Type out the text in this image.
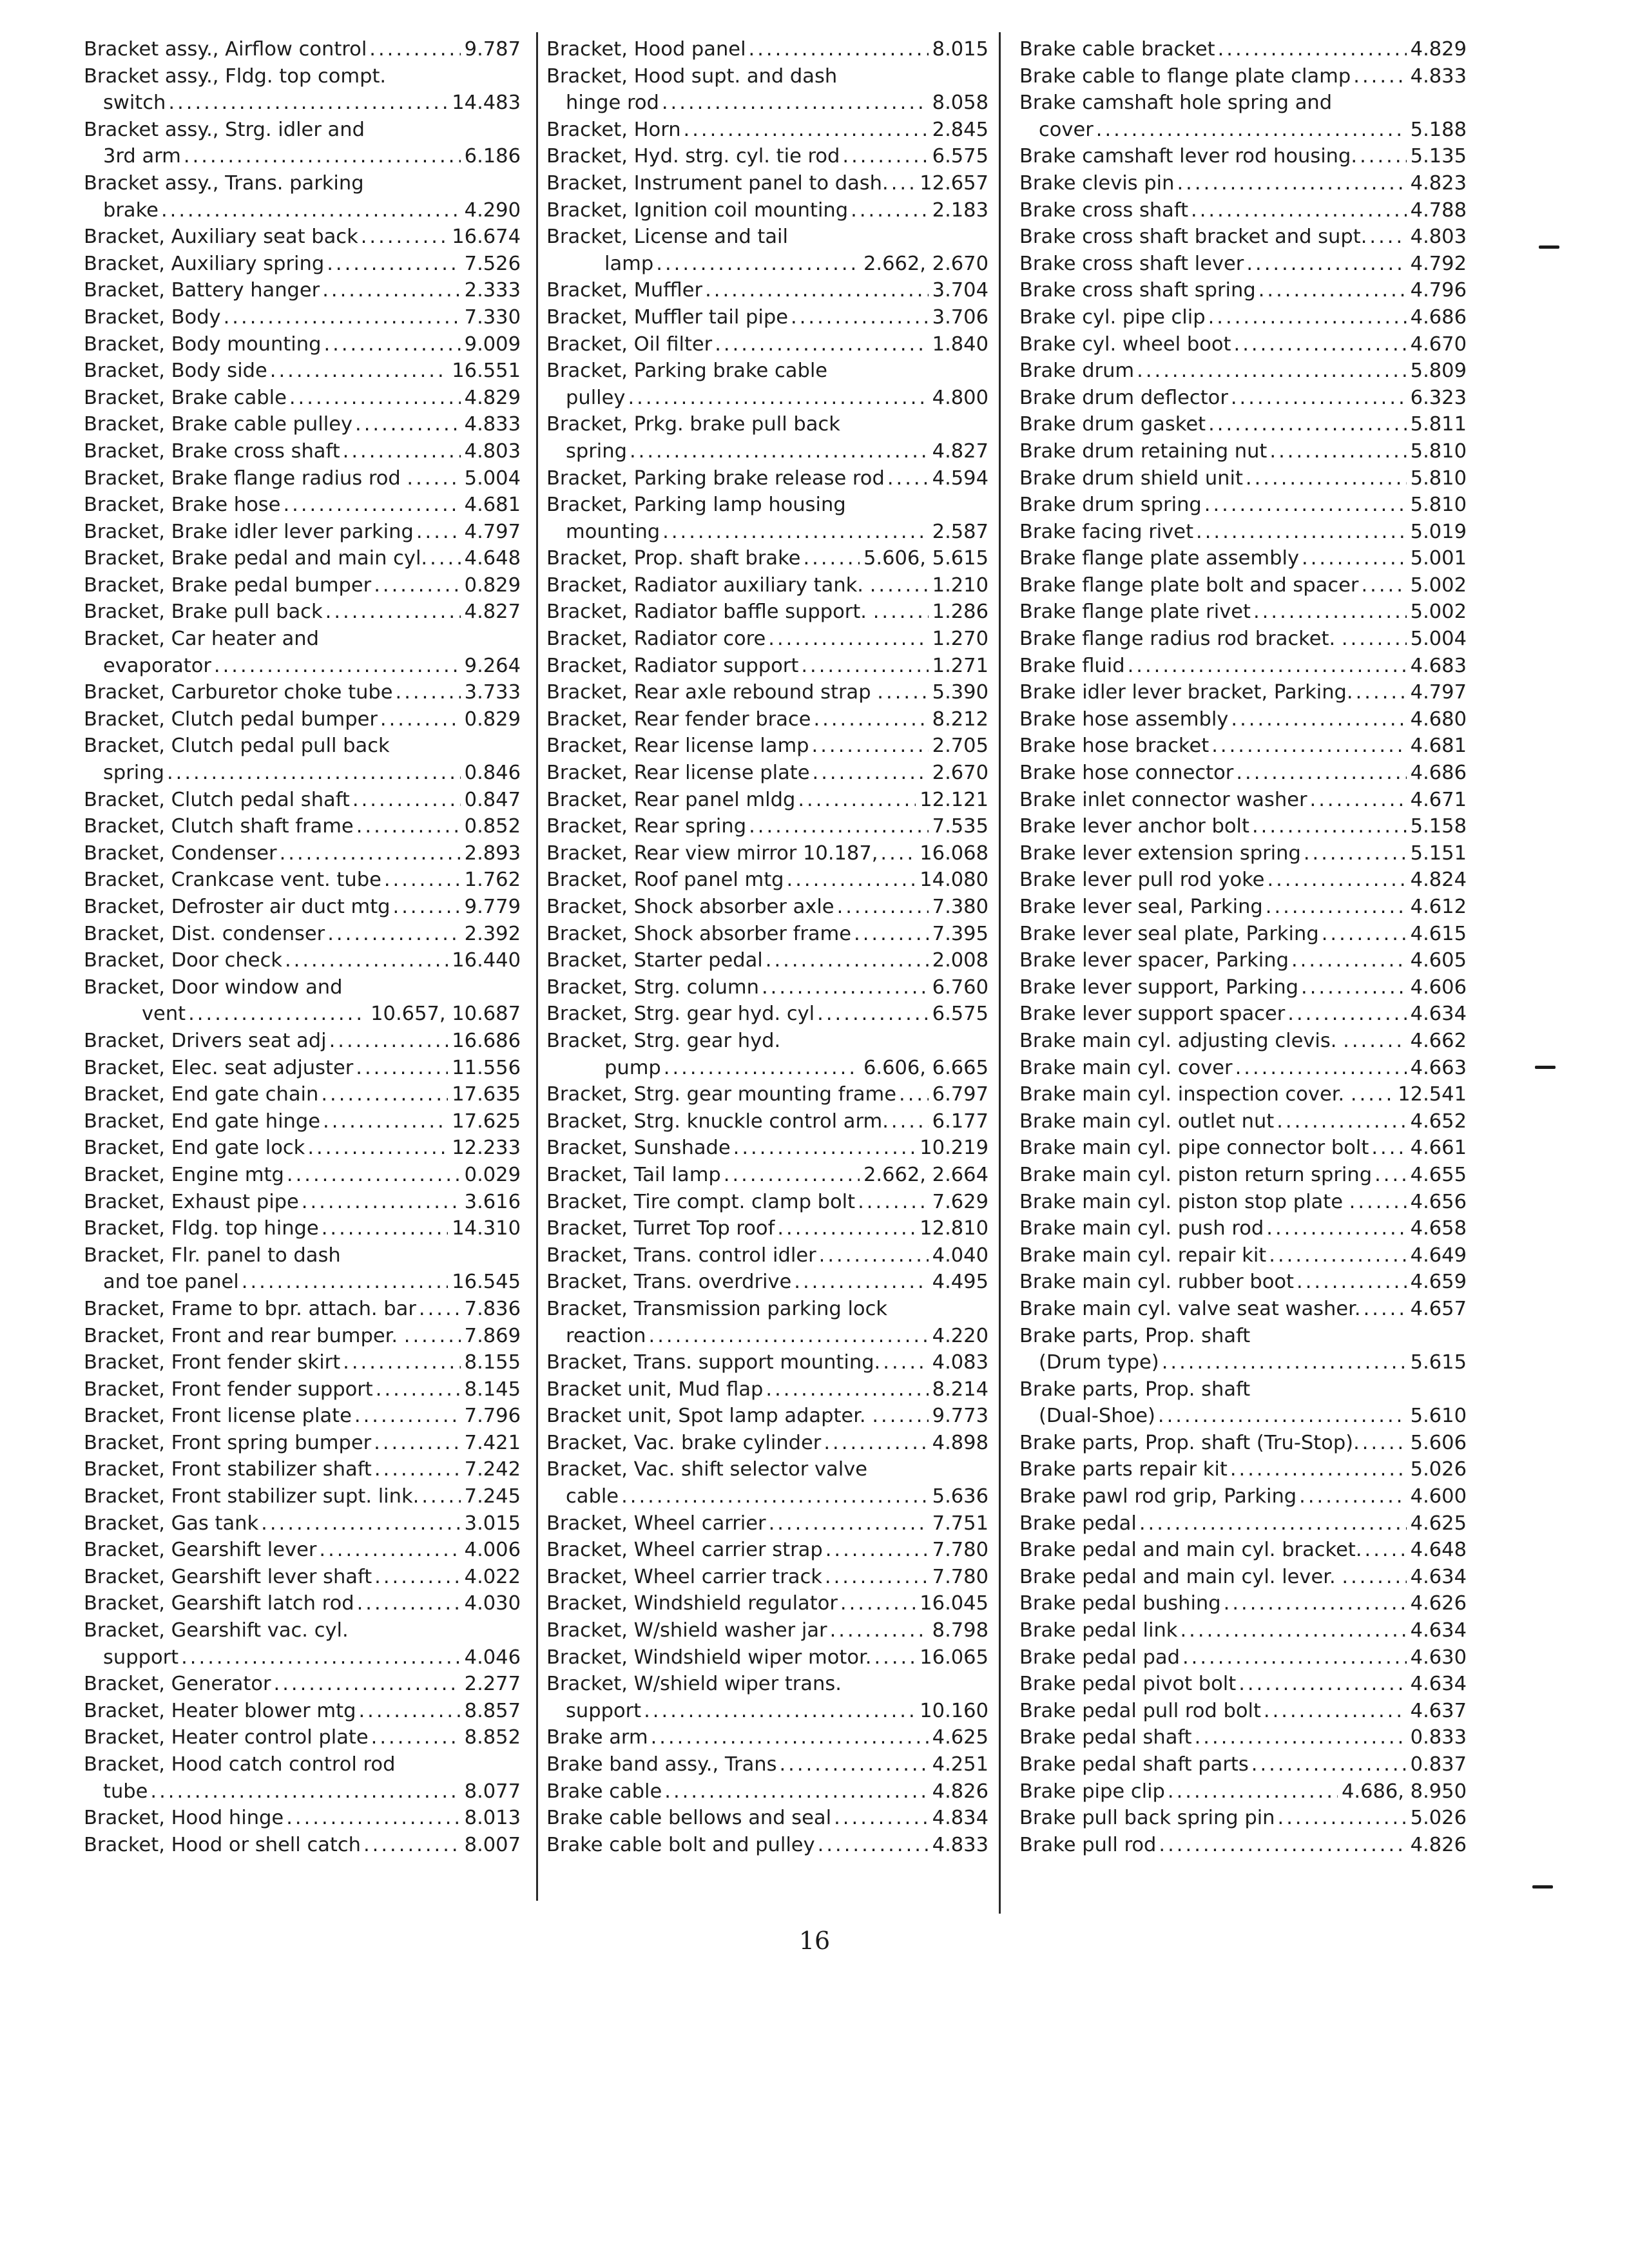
Bracket assy., Airflow control .....	9.787
Bracket assy., Fldg. top compt.
switch .....	14.483
Bracket assy., Strg. idler and
3rd arm .....	6.186
Bracket assy., Trans. parking
brake .....	4.290
Bracket, Auxiliary seat back .....	16.674
Bracket, Auxiliary spring .....	7.526
Bracket, Battery hanger .....	2.333
Bracket, Body .....	7.330
Bracket, Body mounting .....	9.009
Bracket, Body side .....	16.551
Bracket, Brake cable .....	4.829
Bracket, Brake cable pulley .....	4.833
Bracket, Brake cross shaft .....	4.803
Bracket, Brake flange radius rod . .....	5.004
Bracket, Brake hose .....	4.681
Bracket, Brake idler lever parking .....	4.797
Bracket, Brake pedal and main cyl. ..... 4.648
Bracket, Brake pedal bumper .....	0.829
Bracket, Brake pull back .....	4.827
Bracket, Car heater and
evaporator .....	9.264
Bracket, Carburetor choke tube .....	3.733
Bracket, Clutch pedal bumper .....	0.829
Bracket, Clutch pedal pull back
spring .....	0.846
Bracket, Clutch pedal shaft .....	0.847
Bracket, Clutch shaft frame .....	0.852
Bracket, Condenser .....	2.893
Bracket, Crankcase vent. tube .....	1.762
Bracket, Defroster air duct mtg .....	9.779
Bracket, Dist. condenser .....	2.392
Bracket, Door check .....	16.440
Bracket, Door window and
vent .....	10.657, 10.687
Bracket, Drivers seat adj .....	16.686
Bracket, Elec. seat adjuster .....	11.556
Bracket, End gate chain .....	17.635
Bracket, End gate hinge .....	17.625
Bracket, End gate lock .....	12.233
Bracket, Engine mtg .....	0.029
Bracket, Exhaust pipe .....	3.616
Bracket, Fldg. top hinge .....	14.310
Bracket, Flr. panel to dash
and toe panel .....	16.545
Bracket, Frame to bpr. attach. bar ..... 7.836
Bracket, Front and rear bumper. . .....	7.869
Bracket, Front fender skirt .....	8.155
Bracket, Front fender support .....	8.145
Bracket, Front license plate .....	7.796
Bracket, Front spring bumper .....	7.421
Bracket, Front stabilizer shaft .....	7.242
Bracket, Front stabilizer supt. link. ..... 7.245
Bracket, Gas tank .....	3.015
Bracket, Gearshift lever .....	4.006
Bracket, Gearshift lever shaft .....	4.022
Bracket, Gearshift latch rod .....	4.030
Bracket, Gearshift vac. cyl.
support .....	4.046
Bracket, Generator .....	2.277
Bracket, Heater blower mtg .....	8.857
Bracket, Heater control plate .....	8.852
Bracket, Hood catch control rod
tube .....	8.077
Bracket, Hood hinge .....	8.013
Bracket, Hood or shell catch .....	8.007
Bracket, Hood panel .....	8.015
Bracket, Hood supt. and dash
hinge rod .....	8.058
Bracket, Horn .....	2.845
Bracket, Hyd. strg. cyl. tie rod .....	6.575
Bracket, Instrument panel to dash. ..... 12.657
Bracket, Ignition coil mounting .....	2.183
Bracket, License and tail
lamp .....	2.662, 2.670
Bracket, Muffler .....	3.704
Bracket, Muffler tail pipe .....	3.706
Bracket, Oil filter .....	1.840
Bracket, Parking brake cable
pulley .....	4.800
Bracket, Prkg. brake pull back
spring .....	4.827
Bracket, Parking brake release rod ..... 4.594
Bracket, Parking lamp housing
mounting .....	2.587
Bracket, Prop. shaft brake .....	5.606, 5.615
Bracket, Radiator auxiliary tank. . .....	1.210
Bracket, Radiator baffle support. . .....	1.286
Bracket, Radiator core .....	1.270
Bracket, Radiator support .....	1.271
Bracket, Rear axle rebound strap . ..... 5.390
Bracket, Rear fender brace .....	8.212
Bracket, Rear license lamp .....	2.705
Bracket, Rear license plate .....	2.670
Bracket, Rear panel mldg .....	12.121
Bracket, Rear spring .....	7.535
Bracket, Rear view mirror 10.187, ..... 16.068
Bracket, Roof panel mtg .....	14.080
Bracket, Shock absorber axle .....	7.380
Bracket, Shock absorber frame .....	7.395
Bracket, Starter pedal .....	2.008
Bracket, Strg. column .....	6.760
Bracket, Strg. gear hyd. cyl .....	6.575
Bracket, Strg. gear hyd.
pump .....	6.606, 6.665
Bracket, Strg. gear mounting frame ..... 6.797
Bracket, Strg. knuckle control arm. ..... 6.177
Bracket, Sunshade .....	10.219
Bracket, Tail lamp .....	2.662, 2.664
Bracket, Tire compt. clamp bolt .....	7.629
Bracket, Turret Top roof .....	12.810
Bracket, Trans. control idler .....	4.040
Bracket, Trans. overdrive .....	4.495
Bracket, Transmission parking lock
reaction .....	4.220
Bracket, Trans. support mounting. .....	4.083
Bracket unit, Mud flap .....	8.214
Bracket unit, Spot lamp adapter. . .....	9.773
Bracket, Vac. brake cylinder .....	4.898
Bracket, Vac. shift selector valve
cable .....	5.636
Bracket, Wheel carrier .....	7.751
Bracket, Wheel carrier strap .....	7.780
Bracket, Wheel carrier track .....	7.780
Bracket, Windshield regulator .....	16.045
Bracket, W/shield washer jar .....	8.798
Bracket, Windshield wiper motor. ..... 16.065
Bracket, W/shield wiper trans.
support .....	10.160
Brake arm .....	4.625
Brake band assy., Trans .....	4.251
Brake cable .....	4.826
Brake cable bellows and seal .....	4.834
Brake cable bolt and pulley .....	4.833
Brake cable bracket .....	4.829
Brake cable to flange plate clamp .....	4.833
Brake camshaft hole spring and
cover .....	5.188
Brake camshaft lever rod housing. .....	5.135
Brake clevis pin .....	4.823
Brake cross shaft .....	4.788
Brake cross shaft bracket and supt. ..... 4.803
Brake cross shaft lever .....	4.792
Brake cross shaft spring .....	4.796
Brake cyl. pipe clip .....	4.686
Brake cyl. wheel boot .....	4.670
Brake drum .....	5.809
Brake drum deflector .....	6.323
Brake drum gasket .....	5.811
Brake drum retaining nut .....	5.810
Brake drum shield unit .....	5.810
Brake drum spring .....	5.810
Brake facing rivet .....	5.019
Brake flange plate assembly .....	5.001
Brake flange plate bolt and spacer .....	5.002
Brake flange plate rivet .....	5.002
Brake flange radius rod bracket. . .....	5.004
Brake fluid .....	4.683
Brake idler lever bracket, Parking. .....	4.797
Brake hose assembly .....	4.680
Brake hose bracket .....	4.681
Brake hose connector .....	4.686
Brake inlet connector washer .....	4.671
Brake lever anchor bolt .....	5.158
Brake lever extension spring .....	5.151
Brake lever pull rod yoke .....	4.824
Brake lever seal, Parking .....	4.612
Brake lever seal plate, Parking .....	4.615
Brake lever spacer, Parking .....	4.605
Brake lever support, Parking .....	4.606
Brake lever support spacer .....	4.634
Brake main cyl. adjusting clevis. . .....	4.662
Brake main cyl. cover .....	4.663
Brake main cyl. inspection cover. . ..... 12.541
Brake main cyl. outlet nut .....	4.652
Brake main cyl. pipe connector bolt ..... 4.661
Brake main cyl. piston return spring ..... 4.655
Brake main cyl. piston stop plate . .....	4.656
Brake main cyl. push rod .....	4.658
Brake main cyl. repair kit .....	4.649
Brake main cyl. rubber boot .....	4.659
Brake main cyl. valve seat washer. .....	4.657
Brake parts, Prop. shaft
(Drum type) .....	5.615
Brake parts, Prop. shaft
(Dual-Shoe) .....	5.610
Brake parts, Prop. shaft (Tru-Stop). .....	5.606
Brake parts repair kit .....	5.026
Brake pawl rod grip, Parking .....	4.600
Brake pedal .....	4.625
Brake pedal and main cyl. bracket. ..... 4.648
Brake pedal and main cyl. lever. . .....	4.634
Brake pedal bushing .....	4.626
Brake pedal link .....	4.634
Brake pedal pad .....	4.630
Brake pedal pivot bolt .....	4.634
Brake pedal pull rod bolt .....	4.637
Brake pedal shaft .....	0.833
Brake pedal shaft parts .....	0.837
Brake pipe clip .....	4.686, 8.950
Brake pull back spring pin .....	5.026
Brake pull rod .....	4.826
16
